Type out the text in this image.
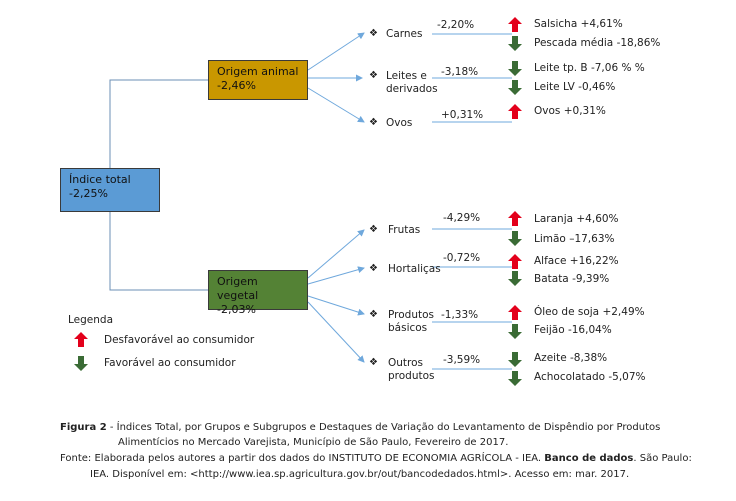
Índice total
-2,25%
Origem animal
-2,46%
Origem vegetal
-2,03%
❖ Carnes
-2,20%	Salsicha +4,61%
Pescada média -18,86%
❖ Leites e derivados
-3,18%	Leite tp. B -7,06 % %
Leite LV -0,46%
❖ Ovos
+0,31%	Ovos +0,31%
❖ Frutas
-4,29%	Laranja +4,60%
Limão –17,63%
❖ Hortaliças
-0,72%	Alface +16,22%
Batata -9,39%
❖ Produtos básicos
-1,33%	Óleo de soja +2,49%
Feijão -16,04%
❖ Outros produtos
-3,59%	Azeite -8,38%
Achocolatado -5,07%
Legenda
Desfavorável ao consumidor
Favorável ao consumidor
Figura 2 - Índices Total, por Grupos e Subgrupos e Destaques de Variação do Levantamento de Dispêndio por Produtos
Alimentícios no Mercado Varejista, Município de São Paulo, Fevereiro de 2017.
Fonte: Elaborada pelos autores a partir dos dados do INSTITUTO DE ECONOMIA AGRÍCOLA - IEA. Banco de dados. São Paulo:
IEA. Disponível em: <http://www.iea.sp.agricultura.gov.br/out/bancodedados.html>. Acesso em: mar. 2017.
